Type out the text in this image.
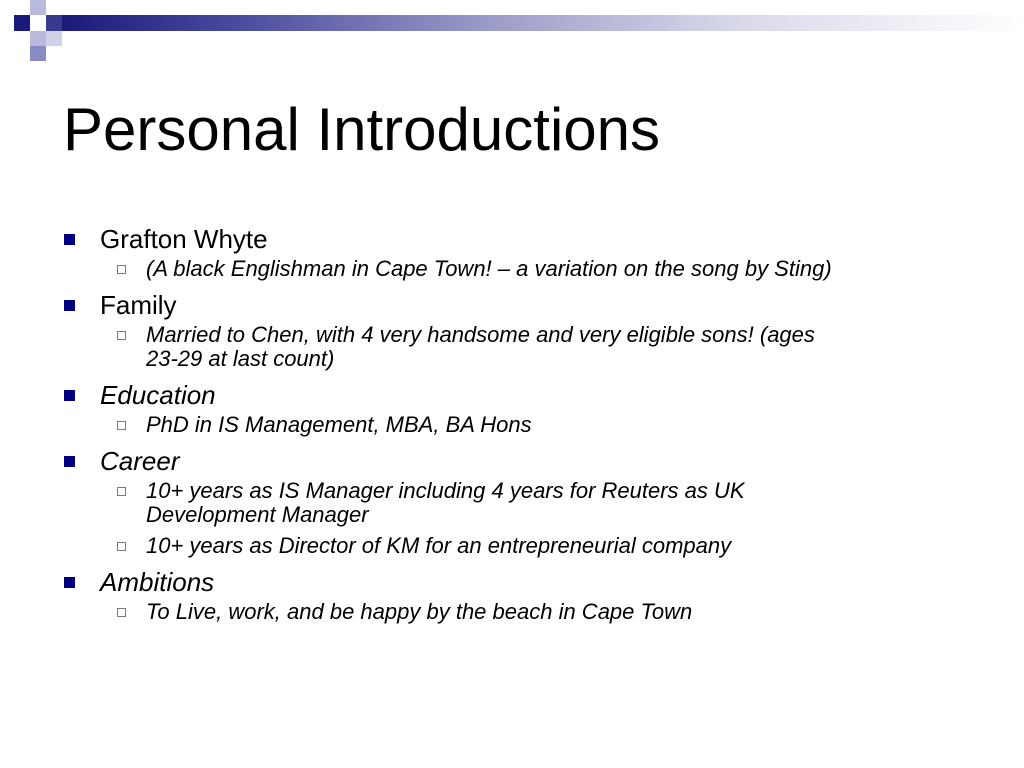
Personal Introductions
Grafton Whyte
(A black Englishman in Cape Town! – a variation on the song by Sting)
Family
Married to Chen, with 4 very handsome and very eligible sons! (ages
23-29 at last count)
Education
PhD in IS Management, MBA, BA Hons
Career
10+ years as IS Manager including 4 years for Reuters as UK
Development Manager
10+ years as Director of KM for an entrepreneurial company
Ambitions
To Live, work, and be happy by the beach in Cape Town
